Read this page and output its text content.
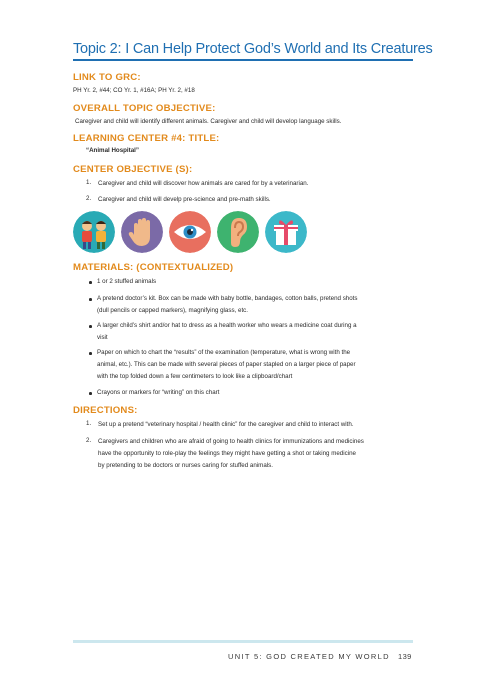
Topic 2: I Can Help Protect God’s World and Its Creatures
LINK TO GRC:
PH Yr. 2, #44; CO Yr. 1, #16A; PH Yr. 2, #18
OVERALL TOPIC OBJECTIVE:
Caregiver and child will identify different animals. Caregiver and child will develop language skills.
LEARNING CENTER #4: TITLE:
“Animal Hospital”
CENTER OBJECTIVE (S):
1. Caregiver and child will discover how animals are cared for by a veterinarian.
2. Caregiver and child will develp pre-science and pre-math skills.
MATERIALS: (CONTEXTUALIZED)
1 or 2 stuffed animals
A pretend doctor’s kit. Box can be made with baby bottle, bandages, cotton balls, pretend shots
(dull pencils or capped markers), magnifying glass, etc.
A larger child’s shirt and/or hat to dress as a health worker who wears a medicine coat during a
visit
Paper on which to chart the “results” of the examination (temperature, what is wrong with the
animal, etc.). This can be made with several pieces of paper stapled on a larger piece of paper
with the top folded down a few centimeters to look like a clipboard/chart
Crayons or markers for “writing” on this chart
DIRECTIONS:
1. Set up a pretend “veterinary hospital / health clinic” for the caregiver and child to interact with.
2. Caregivers and children who are afraid of going to health clinics for immunizations and medicines
have the opportunity to role-play the feelings they might have getting a shot or taking medicine
by pretending to be doctors or nurses caring for stuffed animals.
UNIT 5: GOD CREATED MY WORLD 139
